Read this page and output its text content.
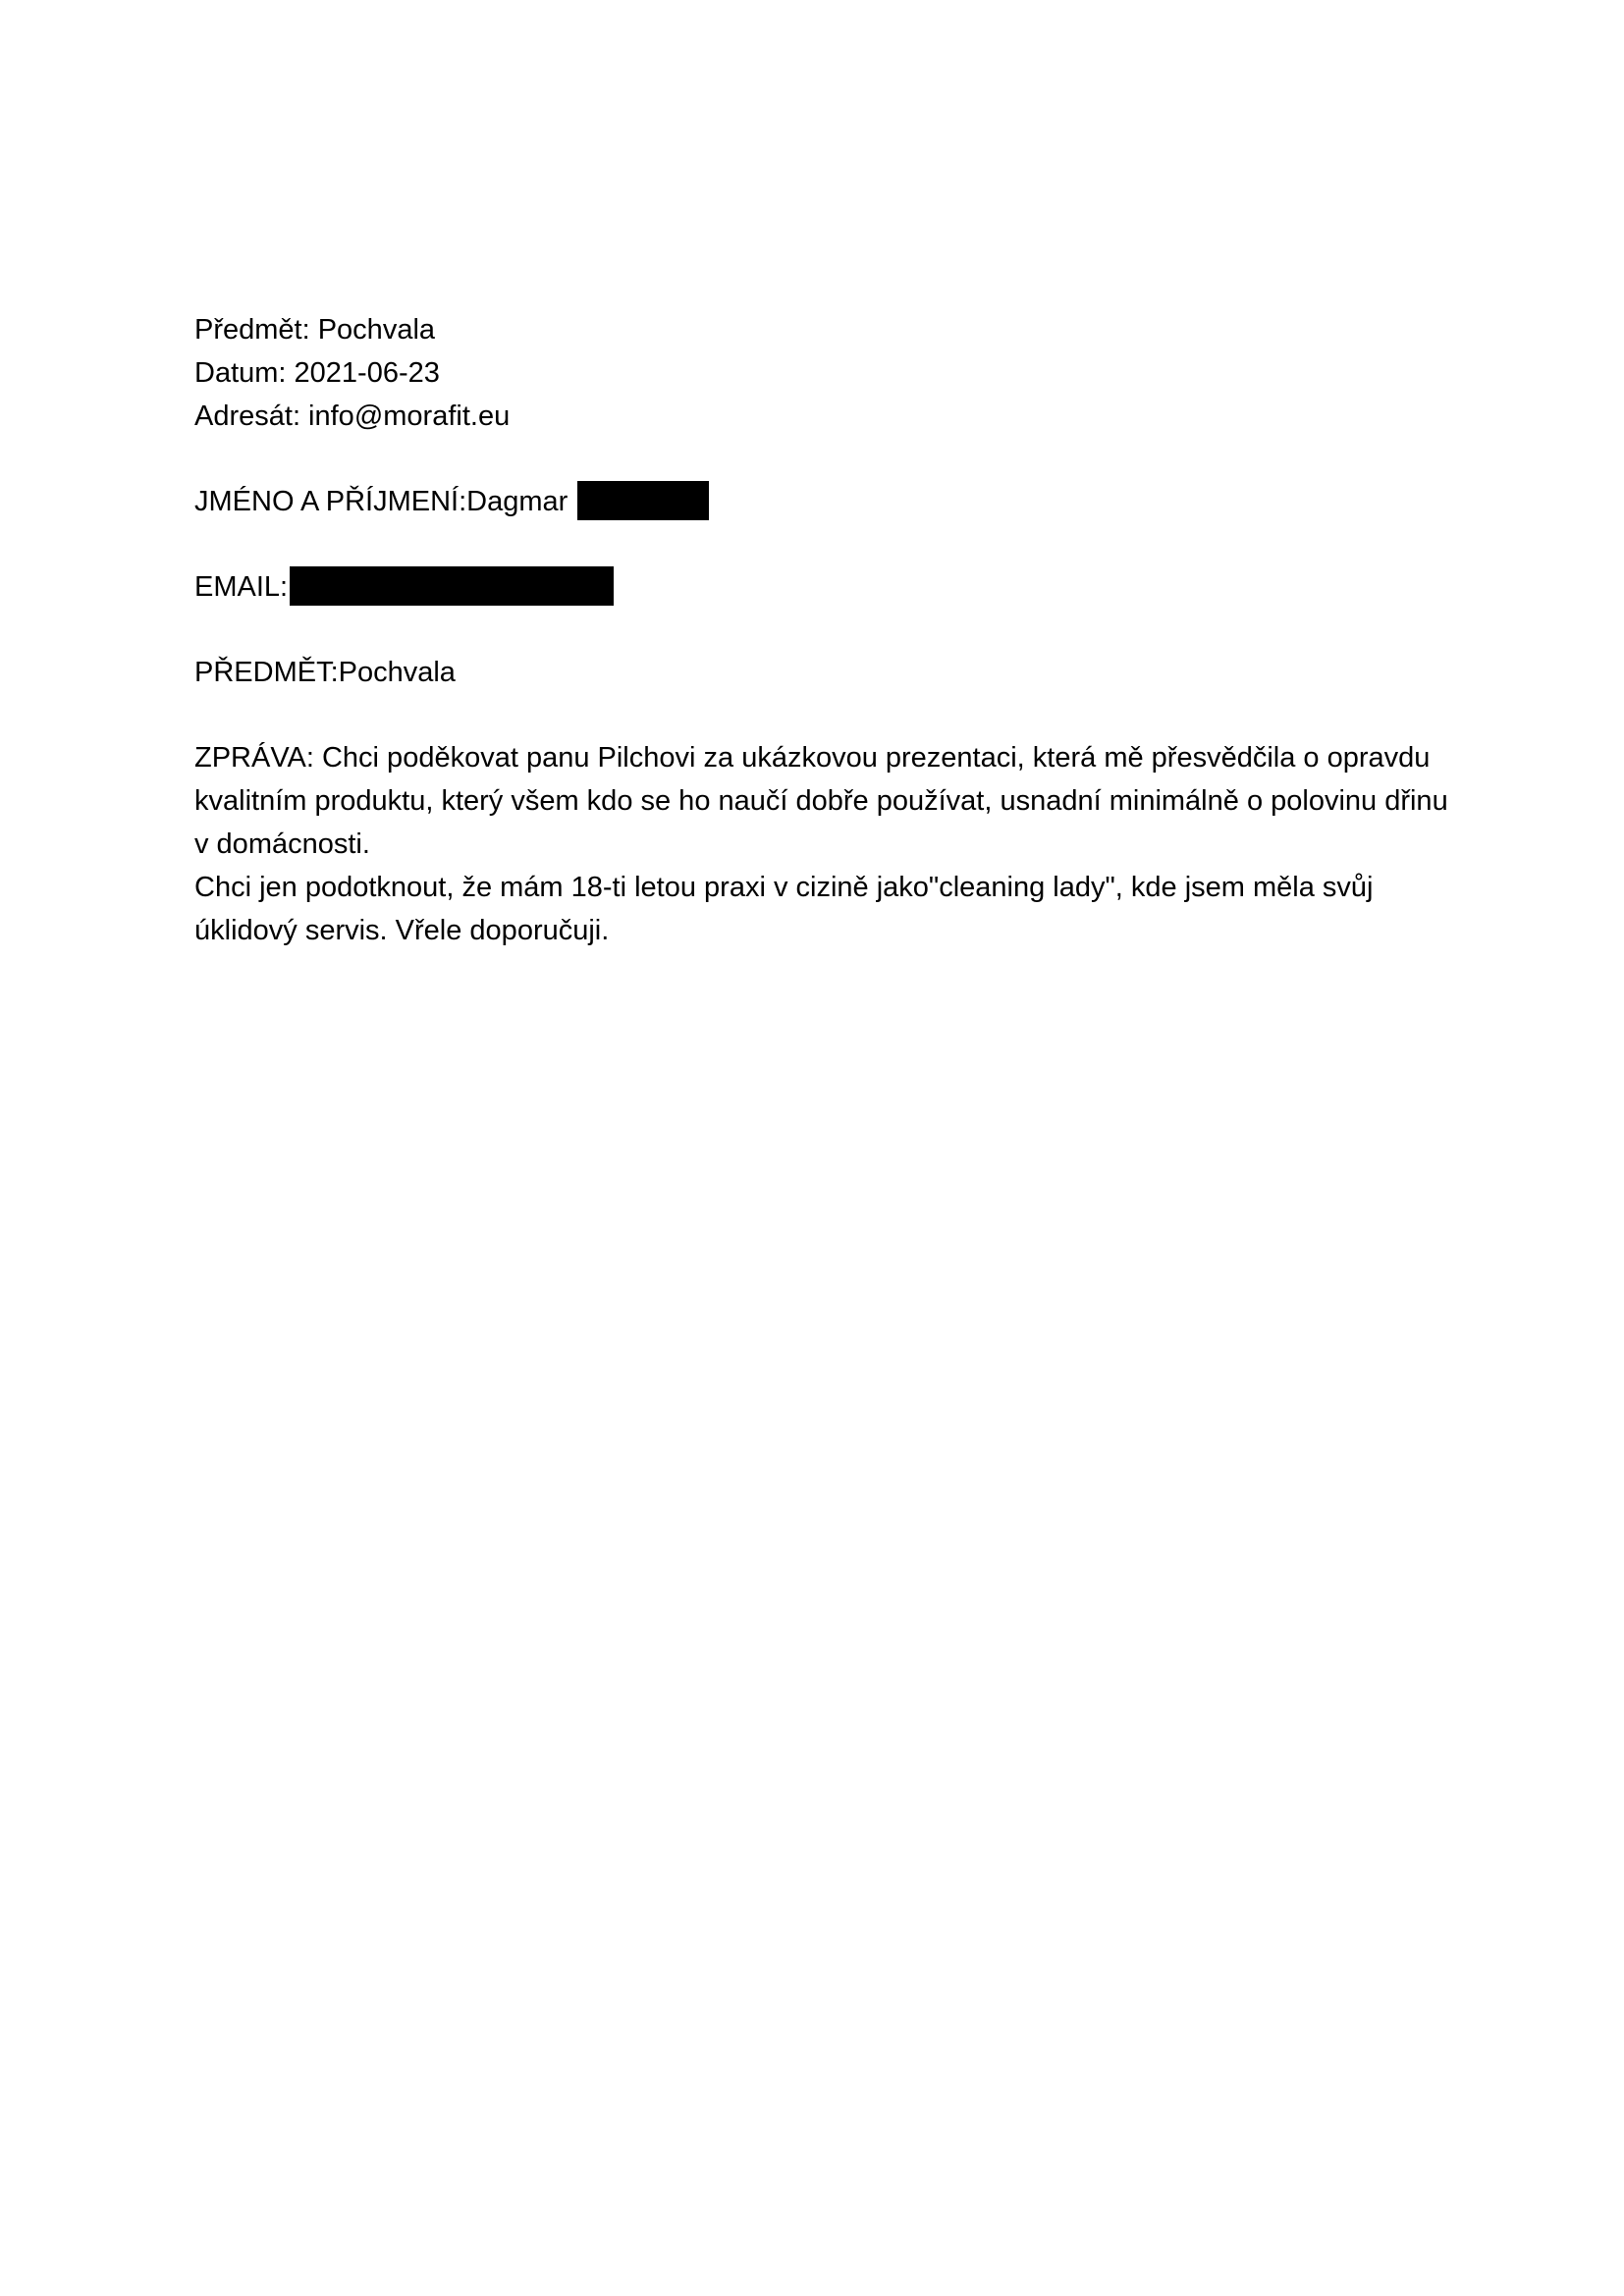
Předmět: Pochvala
Datum: 2021-06-23
Adresát: info@morafit.eu
JMÉNO A PŘÍJMENÍ:Dagmar
EMAIL:
PŘEDMĚT:Pochvala
ZPRÁVA: Chci poděkovat panu Pilchovi za ukázkovou prezentaci, která mě přesvědčila o opravdu
kvalitním produktu, který všem kdo se ho naučí dobře používat, usnadní minimálně o polovinu dřinu
v domácnosti.
Chci jen podotknout, že mám 18-ti letou praxi v cizině jako"cleaning lady", kde jsem měla svůj
úklidový servis. Vřele doporučuji.
